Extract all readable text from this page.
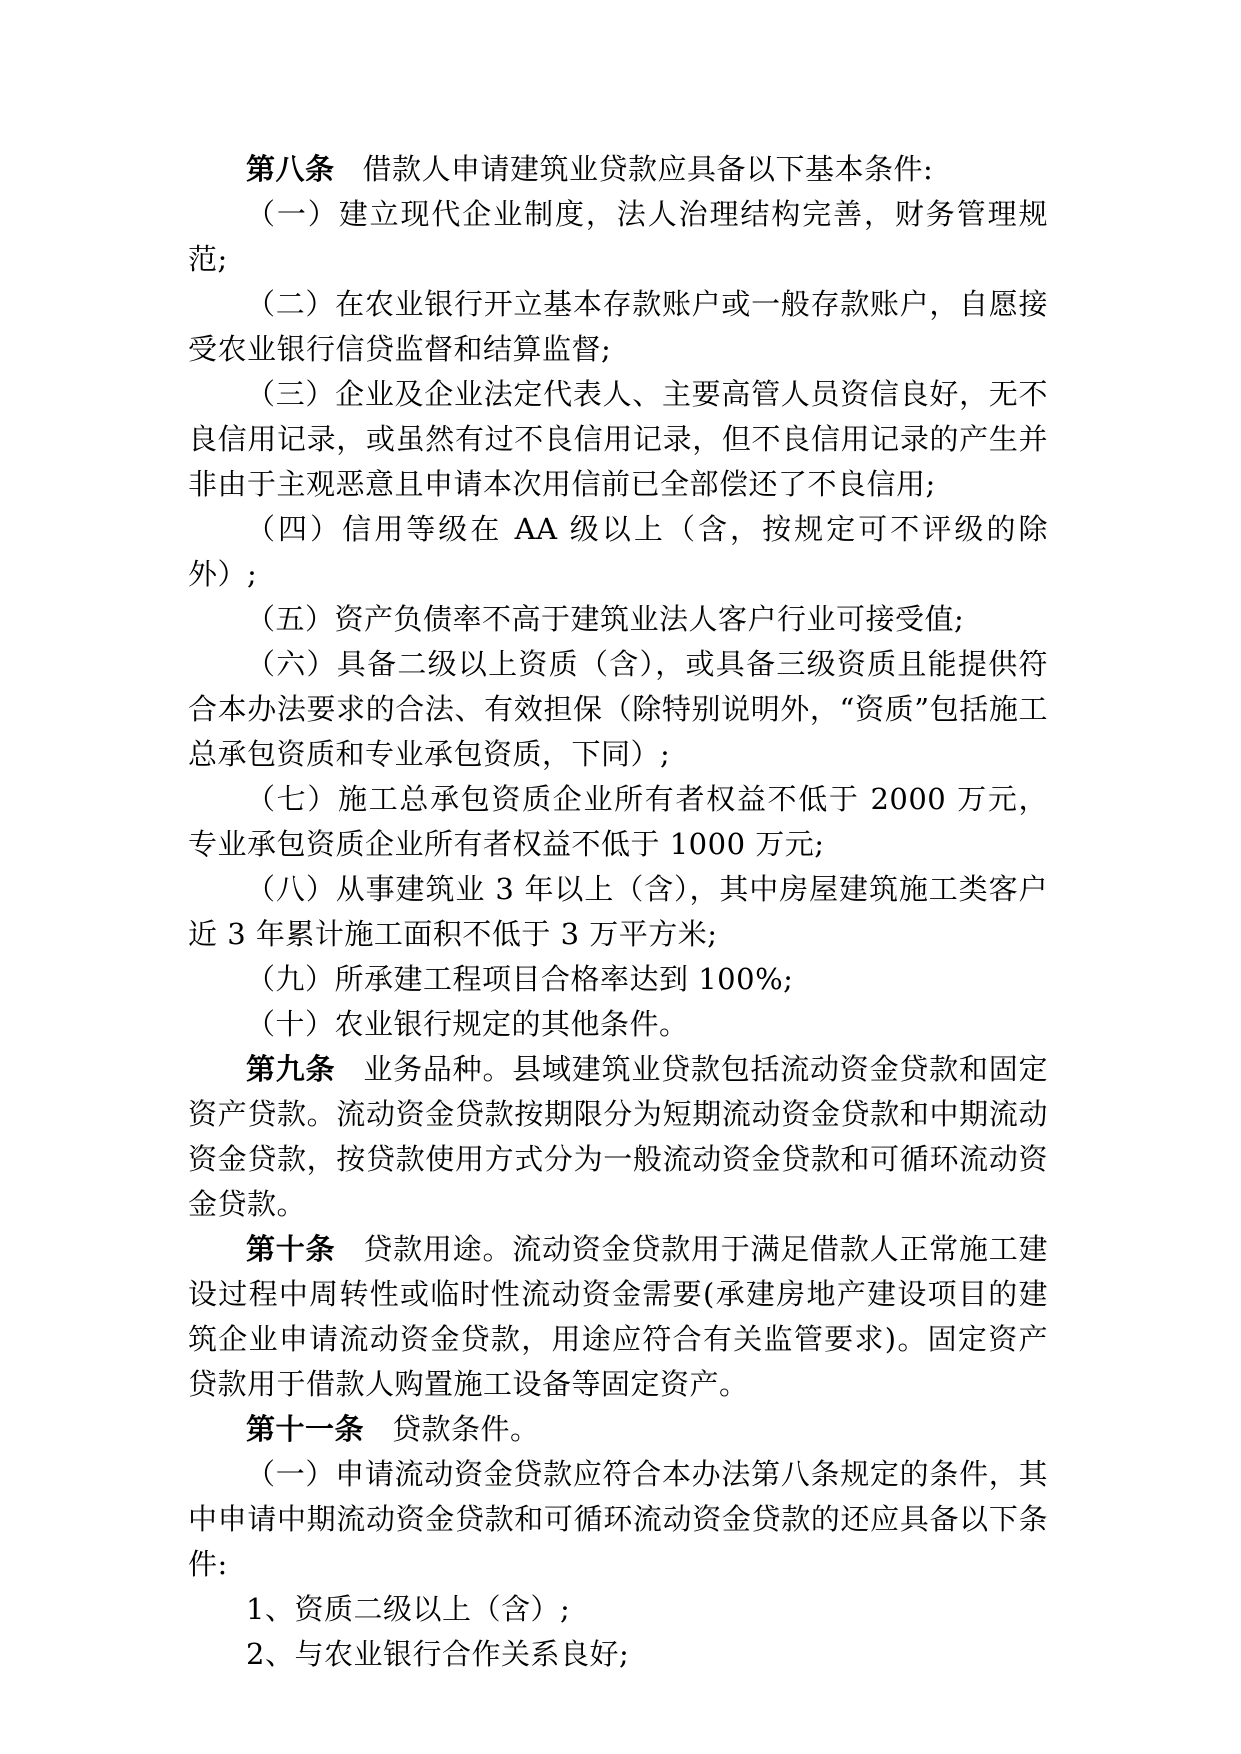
第八条 借款人申请建筑业贷款应具备以下基本条件:

（一）建立现代企业制度，法人治理结构完善，财务管理规范;

（二）在农业银行开立基本存款账户或一般存款账户，自愿接受农业银行信贷监督和结算监督;

（三）企业及企业法定代表人、主要高管人员资信良好，无不良信用记录，或虽然有过不良信用记录，但不良信用记录的产生并非由于主观恶意且申请本次用信前已全部偿还了不良信用;

（四）信用等级在 AA 级以上（含，按规定可不评级的除外）;

（五）资产负债率不高于建筑业法人客户行业可接受值;

（六）具备二级以上资质（含），或具备三级资质且能提供符合本办法要求的合法、有效担保（除特别说明外，“资质”包括施工总承包资质和专业承包资质，下同）;

（七）施工总承包资质企业所有者权益不低于 2000 万元，专业承包资质企业所有者权益不低于 1000 万元;

（八）从事建筑业 3 年以上（含），其中房屋建筑施工类客户近 3 年累计施工面积不低于 3 万平方米;

（九）所承建工程项目合格率达到 100%;

（十）农业银行规定的其他条件。

第九条 业务品种。县域建筑业贷款包括流动资金贷款和固定资产贷款。流动资金贷款按期限分为短期流动资金贷款和中期流动资金贷款，按贷款使用方式分为一般流动资金贷款和可循环流动资金贷款。

第十条 贷款用途。流动资金贷款用于满足借款人正常施工建设过程中周转性或临时性流动资金需要(承建房地产建设项目的建筑企业申请流动资金贷款，用途应符合有关监管要求)。固定资产贷款用于借款人购置施工设备等固定资产。

第十一条 贷款条件。

（一）申请流动资金贷款应符合本办法第八条规定的条件，其中申请中期流动资金贷款和可循环流动资金贷款的还应具备以下条件:

1、资质二级以上（含）;

2、与农业银行合作关系良好;
